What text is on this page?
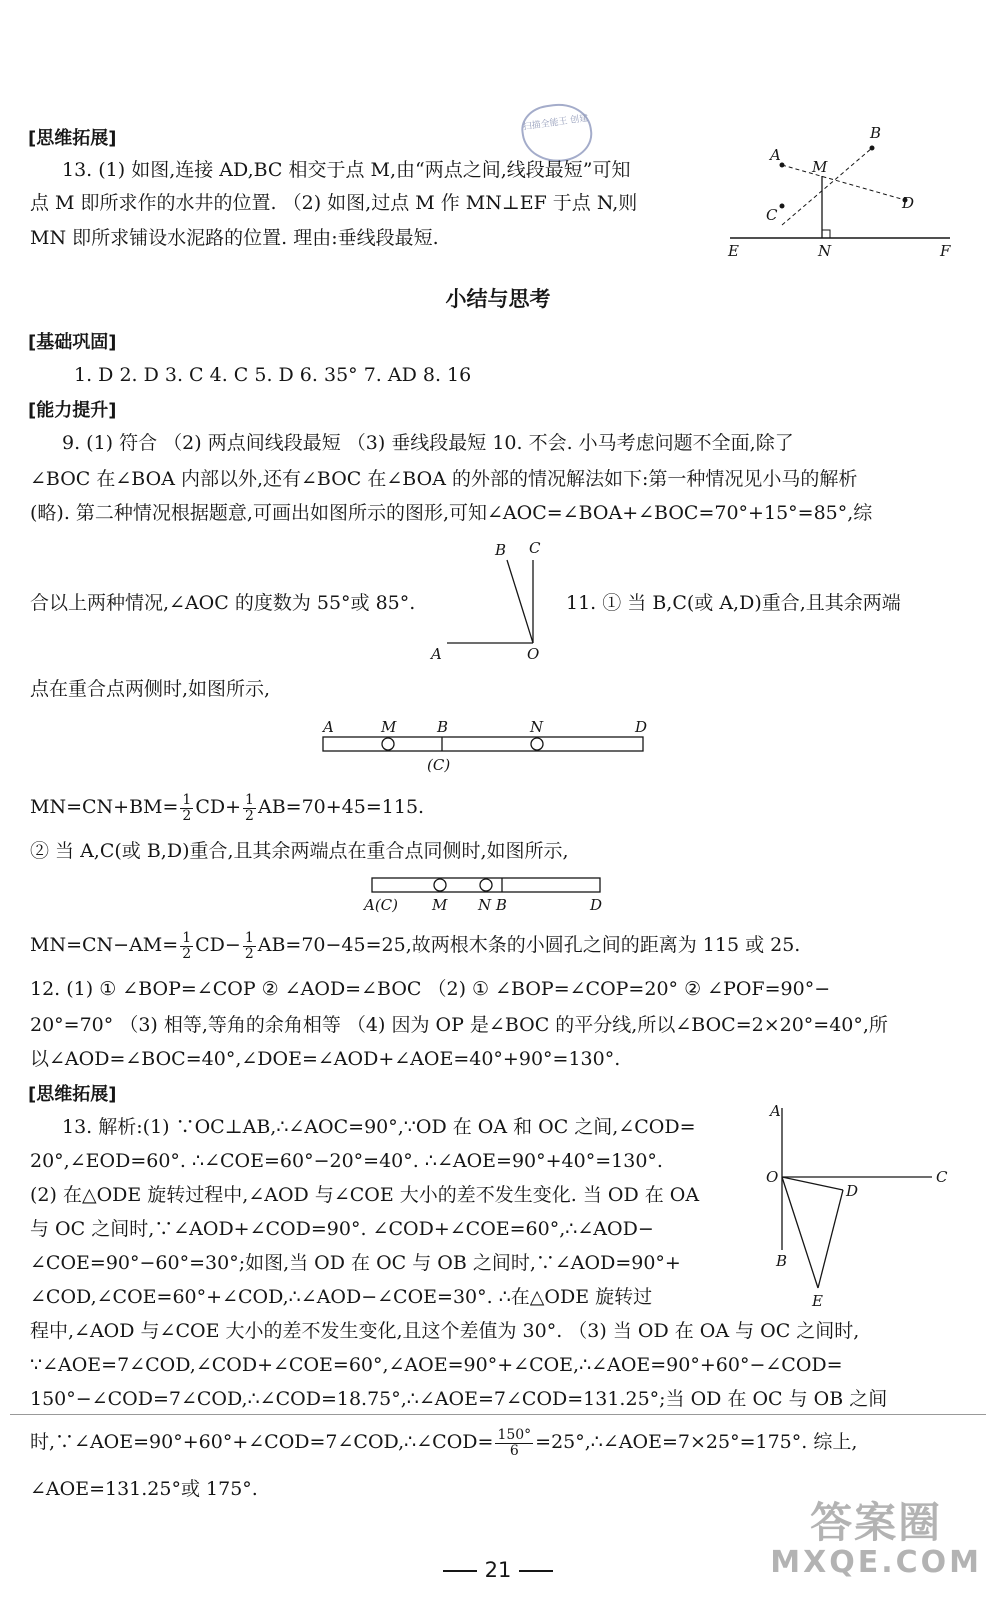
扫描全能王 创建
[思维拓展]
13. (1) 如图,连接 AD,BC 相交于点 M,由“两点之间,线段最短”可知
点 M 即所求作的水井的位置. （2) 如图,过点 M 作 MN⊥EF 于点 N,则
MN 即所求铺设水泥路的位置. 理由:垂线段最短.
A
B
C
D
M
E	N	F
小结与思考
[基础巩固]
1. D 2. D 3. C 4. C 5. D 6. 35° 7. AD 8. 16
[能力提升]
9. (1) 符合 （2) 两点间线段最短 （3) 垂线段最短 10. 不会. 小马考虑问题不全面,除了
∠BOC 在∠BOA 内部以外,还有∠BOC 在∠BOA 的外部的情况解法如下:第一种情况见小马的解析
(略). 第二种情况根据题意,可画出如图所示的图形,可知∠AOC=∠BOA+∠BOC=70°+15°=85°,综
B C
A	O
合以上两种情况,∠AOC 的度数为 55°或 85°.	11. ① 当 B,C(或 A,D)重合,且其余两端
点在重合点两侧时,如图所示,
A	M	B	N	D
(C)
$MN=CN+BM= \frac{1}{2} CD+ \frac{1}{2} AB=70+45=115$.
② 当 A,C(或 B,D)重合,且其余两端点在重合点同侧时,如图所示,
A(C) M N B	D
$MN=CN-AM= \frac{1}{2} CD- \frac{1}{2} AB=70-45=25$,故两根木条的小圆孔之间的距离为 115 或 25.
12. (1) ① ∠BOP=∠COP ② ∠AOD=∠BOC （2) ① ∠BOP=∠COP=20° ② ∠POF=90°−
20°=70° （3) 相等,等角的余角相等 （4) 因为 OP 是∠BOC 的平分线,所以∠BOC=2×20°=40°,所
以∠AOD=∠BOC=40°,∠DOE=∠AOD+∠AOE=40°+90°=130°.
[思维拓展]
13. 解析:(1) ∵OC⊥AB,∴∠AOC=90°,∵OD 在 OA 和 OC 之间,∠COD=
20°,∠EOD=60°. ∴∠COE=60°−20°=40°. ∴∠AOE=90°+40°=130°.
(2) 在△ODE 旋转过程中,∠AOD 与∠COE 大小的差不发生变化. 当 OD 在 OA
与 OC 之间时,∵∠AOD+∠COD=90°. ∠COD+∠COE=60°,∴∠AOD−
∠COE=90°−60°=30°;如图,当 OD 在 OC 与 OB 之间时,∵∠AOD=90°+
∠COD,∠COE=60°+∠COD,∴∠AOD−∠COE=30°. ∴在△ODE 旋转过
程中,∠AOD 与∠COE 大小的差不发生变化,且这个差值为 30°. （3) 当 OD 在 OA 与 OC 之间时,
∵∠AOE=7∠COD,∠COD+∠COE=60°,∠AOE=90°+∠COE,∴∠AOE=90°+60°−∠COD=
150°−∠COD=7∠COD,∴∠COD=18.75°,∴∠AOE=7∠COD=131.25°;当 OD 在 OC 与 OB 之间
时,∵∠AOE=90°+60°+∠COD=7∠COD,∴∠COD= $\frac{150^\circ}{6}$ =25°,∴∠AOE=7×25°=175°. 综上,
∠AOE=131.25°或 175°.
A
O	C
D
B
E
21
答案圈
MXQE.COM
